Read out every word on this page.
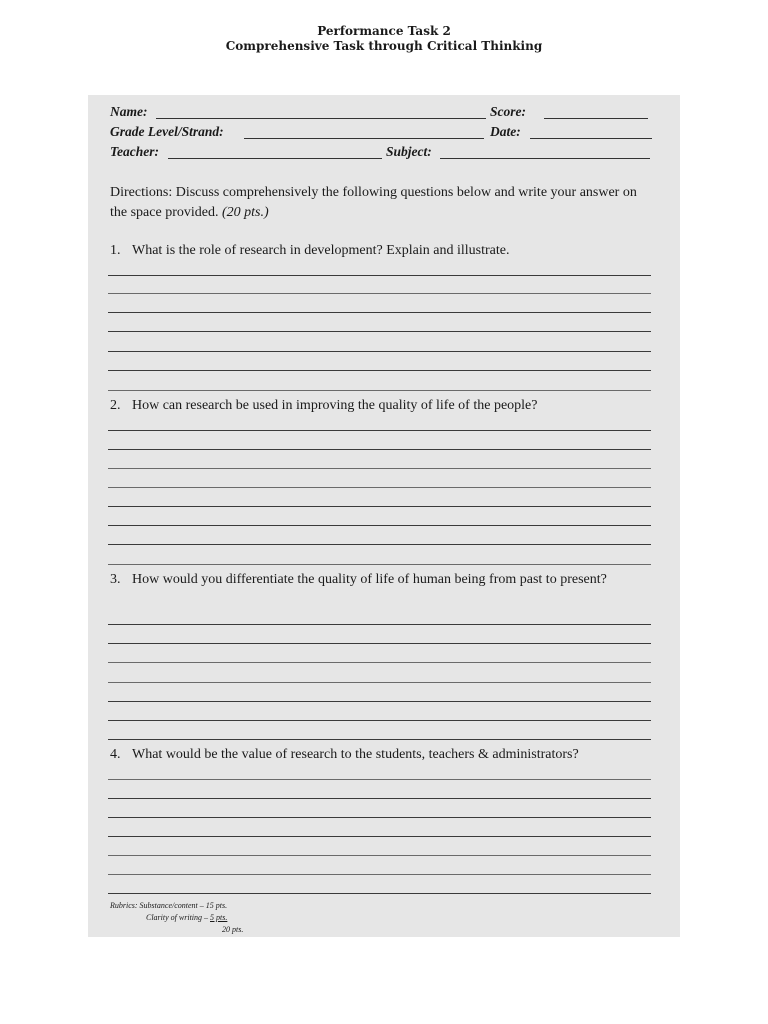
Performance Task 2
Comprehensive Task through Critical Thinking
Name:	Score:
Grade Level/Strand:	Date:
Teacher:	Subject:
Directions: Discuss comprehensively the following questions below and write your answer on the space provided. (20 pts.)
1. What is the role of research in development? Explain and illustrate.
2. How can research be used in improving the quality of life of the people?
3. How would you differentiate the quality of life of human being from past to present?
4. What would be the value of research to the students, teachers & administrators?
Rubrics: Substance/content – 15 pts.
Clarity of writing – 5 pts.
20 pts.
